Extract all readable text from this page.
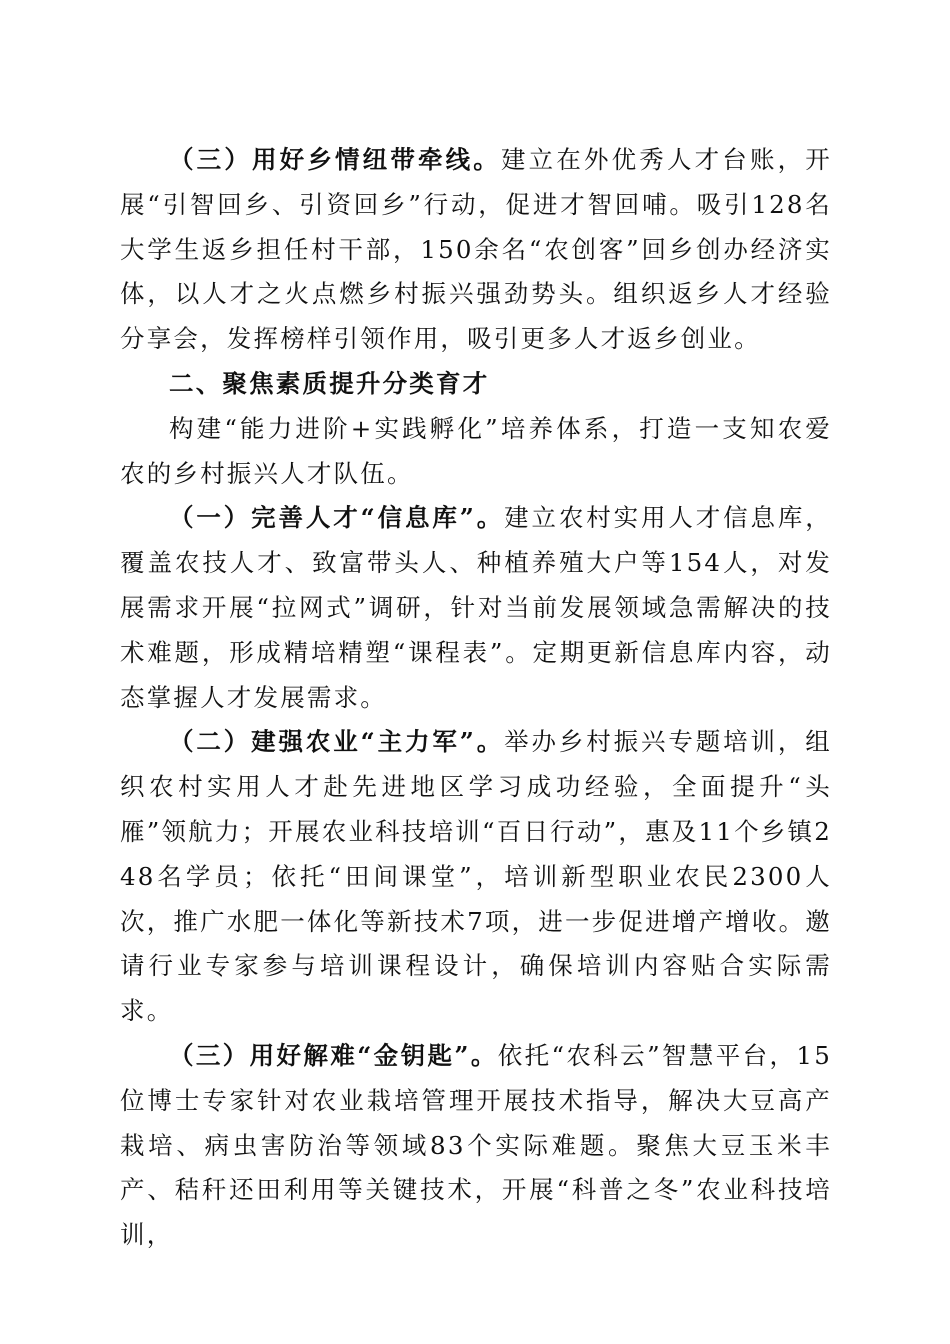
（三）用好乡情纽带牵线。建立在外优秀人才台账，开展“引智回乡、引资回乡”行动，促进才智回哺。吸引128名大学生返乡担任村干部，150余名“农创客”回乡创办经济实体，以人才之火点燃乡村振兴强劲势头。组织返乡人才经验分享会，发挥榜样引领作用，吸引更多人才返乡创业。

二、聚焦素质提升分类育才

构建“能力进阶+实践孵化”培养体系，打造一支知农爱农的乡村振兴人才队伍。

（一）完善人才“信息库”。建立农村实用人才信息库，覆盖农技人才、致富带头人、种植养殖大户等154人，对发展需求开展“拉网式”调研，针对当前发展领域急需解决的技术难题，形成精培精塑“课程表”。定期更新信息库内容，动态掌握人才发展需求。

（二）建强农业“主力军”。举办乡村振兴专题培训，组织农村实用人才赴先进地区学习成功经验，全面提升“头雁”领航力；开展农业科技培训“百日行动”，惠及11个乡镇248名学员；依托“田间课堂”，培训新型职业农民2300人次，推广水肥一体化等新技术7项，进一步促进增产增收。邀请行业专家参与培训课程设计，确保培训内容贴合实际需求。

（三）用好解难“金钥匙”。依托“农科云”智慧平台，15位博士专家针对农业栽培管理开展技术指导，解决大豆高产栽培、病虫害防治等领域83个实际难题。聚焦大豆玉米丰产、秸秆还田利用等关键技术，开展“科普之冬”农业科技培训，
